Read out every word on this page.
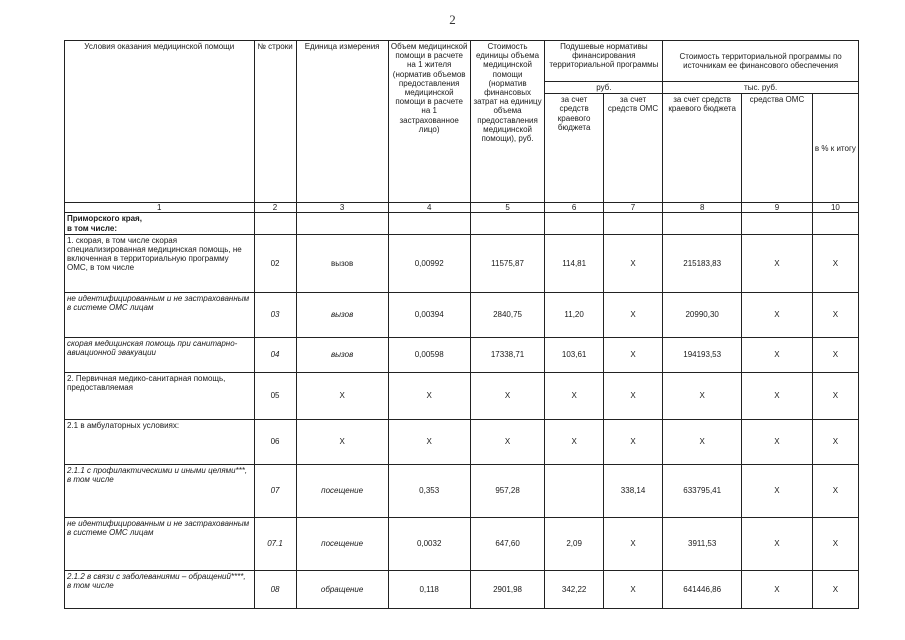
2
Условия оказания медицинской помощи	№ строки	Единица измерения	Объем медицинской помощи в расчете на 1 жителя (норматив объемов предоставления медицинской помощи в расчете на 1 застрахованное лицо)	Стоимость единицы объема медицинской помощи (норматив финансовых затрат на единицу объема предоставления медицинской помощи), руб.	Подушевые нормативы финансирования территориальной программы		Стоимость территориальной программы по источникам ее финансового обеспечения		
					руб.		тыс. руб.		
					за счет средств краевого бюджета	за счет средств ОМС	за счет средств краевого бюджета	средства ОМС	в % к итогу
1	2	3	4	5	6	7	8	9	10
Приморского края,
в том числе:									
1. скорая, в том числе скорая специализированная медицинская помощь, не включенная в территориальную программу ОМС, в том числе	02	вызов	0,00992	11575,87	114,81	X	215183,83	X	X
не идентифицированным и не застрахованным в системе ОМС лицам	03	вызов	0,00394	2840,75	11,20	X	20990,30	X	X
скорая медицинская помощь при санитарно-авиационной эвакуации	04	вызов	0,00598	17338,71	103,61	X	194193,53	X	X
2. Первичная медико-санитарная помощь, предоставляемая	05	X	X	X	X	X	X	X	X
2.1 в амбулаторных условиях:	06	X	X	X	X	X	X	X	X
2.1.1 с профилактическими и иными целями***, в том числе	07	посещение	0,353	957,28		338,14	633795,41	X	X
не идентифицированным и не застрахованным в системе ОМС лицам	07.1	посещение	0,0032	647,60	2,09	X	3911,53	X	X
2.1.2 в связи с заболеваниями – обращений****, в том числе	08	обращение	0,118	2901,98	342,22	X	641446,86	X	X
